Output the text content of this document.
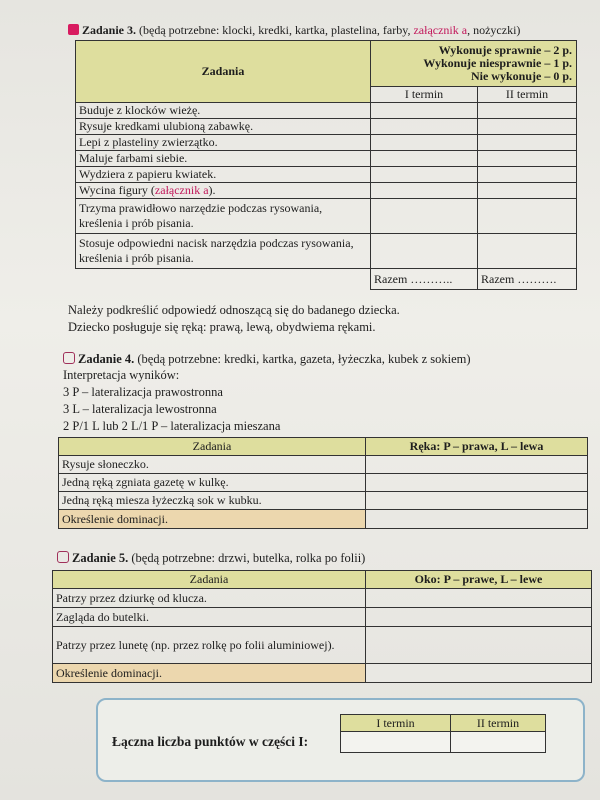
Zadanie 3. (będą potrzebne: klocki, kredki, kartka, plastelina, farby, załącznik a, nożyczki)
Zadania	Wykonuje sprawnie – 2 p.
Wykonuje niesprawnie – 1 p.
Nie wykonuje – 0 p.	

	I termin	II termin
Buduje z klocków wieżę.		
Rysuje kredkami ulubioną zabawkę.		
Lepi z plasteliny zwierzątko.		
Maluje farbami siebie.		
Wydziera z papieru kwiatek.		
Wycina figury (załącznik a).		
Trzyma prawidłowo narzędzie podczas rysowania, kreślenia i prób pisania.		
Stosuje odpowiedni nacisk narzędzia podczas rysowania, kreślenia i prób pisania.		
	Razem ………..	Razem ……….
Należy podkreślić odpowiedź odnoszącą się do badanego dziecka.
Dziecko posługuje się ręką: prawą, lewą, obydwiema rękami.
Zadanie 4. (będą potrzebne: kredki, kartka, gazeta, łyżeczka, kubek z sokiem)
Interpretacja wyników:
3 P – lateralizacja prawostronna
3 L – lateralizacja lewostronna
2 P/1 L lub 2 L/1 P – lateralizacja mieszana
Zadania	Ręka: P – prawa, L – lewa
Rysuje słoneczko.	
Jedną ręką zgniata gazetę w kulkę.	
Jedną ręką miesza łyżeczką sok w kubku.	
Określenie dominacji.	
Zadanie 5. (będą potrzebne: drzwi, butelka, rolka po folii)
Zadania	Oko: P – prawe, L – lewe
Patrzy przez dziurkę od klucza.	
Zagląda do butelki.	
Patrzy przez lunetę (np. przez rolkę po folii aluminiowej).	
Określenie dominacji.	
Łączna liczba punktów w części I:
I termin	II termin
